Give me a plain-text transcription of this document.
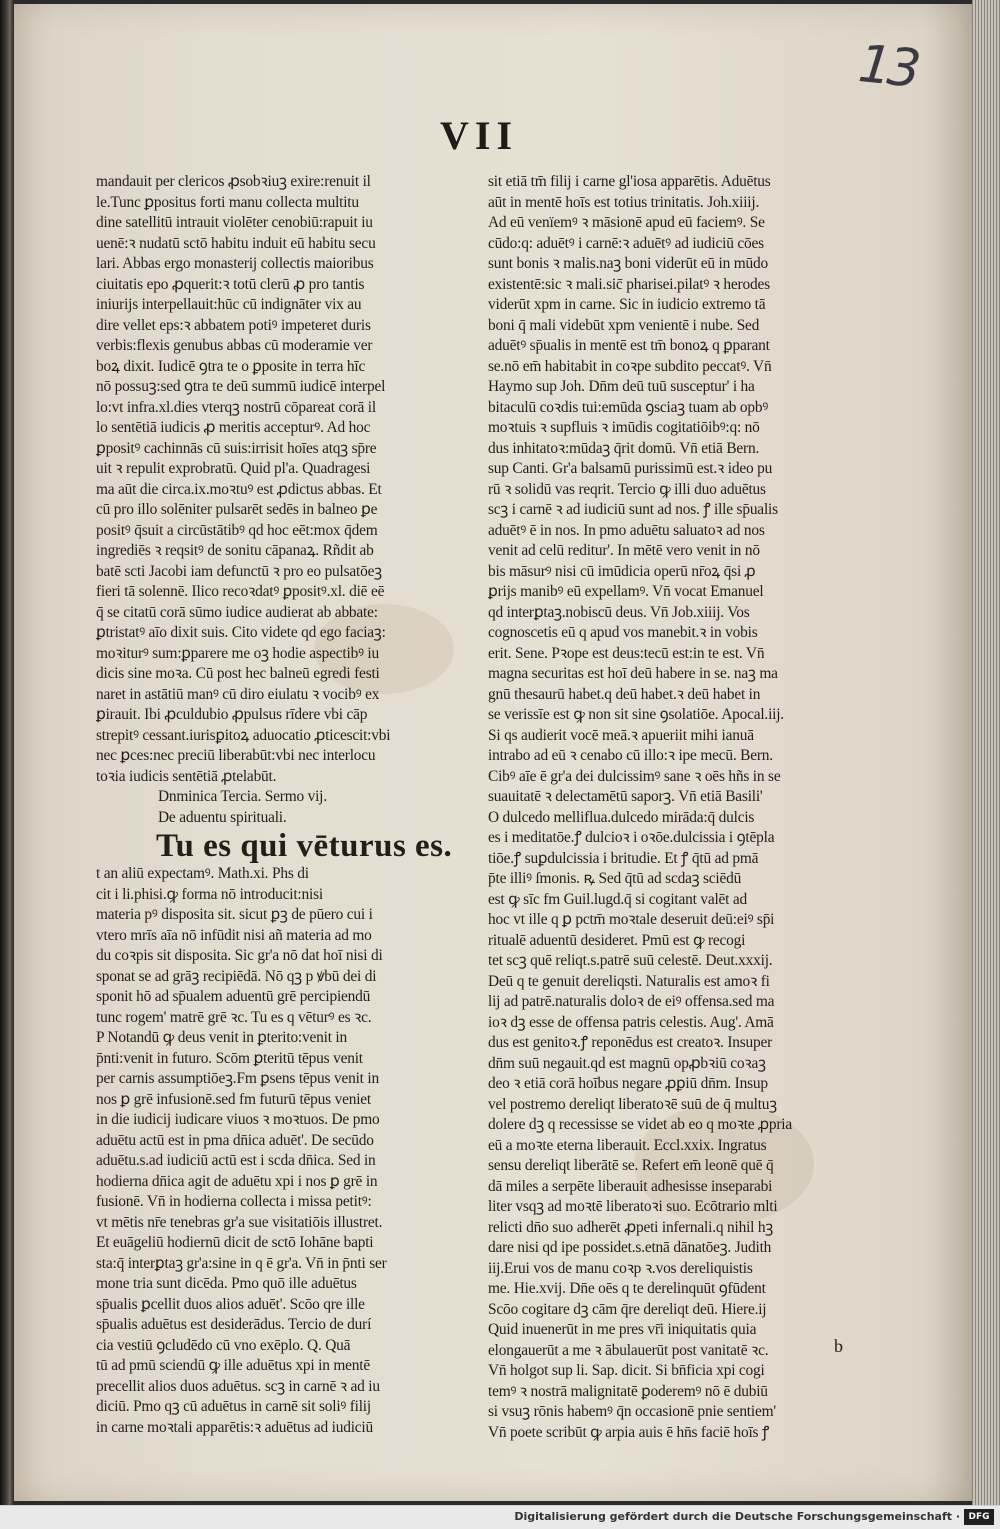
13
VII
mandauit per clericos ꝓsobꝛiuꝫ exire:renuit il
le.Tunc ꝑpositus forti manu collecta multitu
dine satellitū intrauit violēter cenobiū:rapuit iu
uenē:ꝛ nudatū sctō habitu induit eū habitu secu
lari. Abbas ergo monasterij collectis maioribus
ciuitatis epo ꝓquerit:ꝛ totū clerū ꝓ pro tantis
iniurijs interpellauit:hūc cū indignāter vix au
dire vellet eps:ꝛ abbatem potiꝰ impeteret duris
verbis:flexis genubus abbas cū moderamie ver
boꝝ dixit. Iudicē ꝯtra te o ꝑposite in terra hīc
nō possuꝫ:sed ꝯtra te deū summū iudicē interpel
lo:vt infra.xl.dies vterqꝫ nostrū cōpareat corā il
lo sentētiā iudicis ꝓ meritis accepturꝰ. Ad hoc
ꝑpositꝰ cachinnās cū suis:irrisit hoīes atqꝫ sp̄re
uit ꝛ repulit exprobratū. Quid pl'a. Quadragesi
ma aūt die circa.ix.moꝛtuꝰ est ꝓdictus abbas. Et
cū pro illo solēniter pulsarēt sedēs in balneo ꝑe
positꝰ q̄suit a circūstātibꝰ qd hoc eēt:mox q̄dem
ingrediēs ꝛ reqsitꝰ de sonitu cāpanaꝝ. Rñdit ab
batē scti Jacobi iam defunctū ꝛ pro eo pulsatōeꝫ
fieri tā solennē. Ilico recoꝛdatꝰ ꝑpositꝰ.xl. diē eē
q̄ se citatū corā sūmo iudice audierat ab abbate:
ꝑtristatꝰ aīo dixit suis. Cito videte qd ego faciaꝫ:
moꝛiturꝰ sum:ꝑparere me oꝫ hodie aspectibꝰ iu
dicis sine moꝛa. Cū post hec balneū egredi festi
naret in astātiū manꝰ cū diro eiulatu ꝛ vocibꝰ ex
ꝑirauit. Ibi ꝓculdubio ꝓpulsus rīdere vbi cāp
strepitꝰ cessant.iurisꝑitoꝝ aduocatio ꝓticescit:vbi
nec ꝑces:nec preciū liberabūt:vbi nec interlocu
toꝛia iudicis sentētiā ꝓtelabūt.
Dnminica Tercia. Sermo vij.
De aduentu spirituali.
Tu es qui vēturus es.
t an aliū expectamꝰ. Math.xi. Phs di
cit i li.phisi.ꝙ forma nō introducit:nisi
materia pꝰ disposita sit. sicut ꝑꝫ de pūero cui i
vtero mrīs aīa nō infūdit nisi añ materia ad mo
du coꝛpis sit disposita. Sic gr'a nō dat hoī nisi di
sponat se ad grāꝫ recipiēdā. Nō qꝫ p ꝟbū dei di
sponit hō ad sp̄ualem aduentū grē percipiendū
tunc rogem' matrē grē ꝛc. Tu es q vēturꝰ es ꝛc.
P Notandū ꝙ deus venit in ꝑterito:venit in
p̄nti:venit in futuro. Scōm ꝑteritū tēpus venit
per carnis assumptiōeꝫ.Fm ꝑsens tēpus venit in
nos ꝑ grē infusionē.sed fm futurū tēpus veniet
in die iudicij iudicare viuos ꝛ moꝛtuos. De pmo
aduētu actū est in pma dn̄ica aduēt'. De secūdo
aduētu.s.ad iudiciū actū est i scda dn̄ica. Sed in
hodierna dn̄ica agit de aduētu xpi i nos ꝑ grē in
fusionē. Vn̄ in hodierna collecta i missa petitꝰ:
vt mētis nr̄e tenebras gr'a sue visitatiōis illustret.
Et euāgeliū hodiernū dicit de sctō Iohāne bapti
sta:q̄ interꝑtaꝫ gr'a:sine in q ē gr'a. Vn̄ in p̄nti ser
mone tria sunt dicēda. Pmo quō ille aduētus
sp̄ualis ꝑcellit duos alios aduēt'. Scōo qre ille
sp̄ualis aduētus est desiderādus. Tercio de durí
cia vestiū ꝯcludēdo cū vno exēplo. Q. Quā
tū ad pmū sciendū ꝙ ille aduētus xpi in mentē
precellit alios duos aduētus. scꝫ in carnē ꝛ ad iu
diciū. Pmo qꝫ cū aduētus in carnē sit soliꝰ filij
in carne moꝛtali apparētis:ꝛ aduētus ad iudiciū
sit etiā tm̄ filij i carne gl'iosa apparētis. Aduētus
aūt in mentē hoīs est totius trinitatis. Joh.xiiij.
Ad eū venïemꝰ ꝛ māsionē apud eū faciemꝰ. Se
cūdo:q: aduētꝰ i carnē:ꝛ aduētꝰ ad iudiciū cōes
sunt bonis ꝛ malis.naꝫ boni viderūt eū in mūdo
existentē:sic ꝛ mali.sic̄ pharisei.pilatꝰ ꝛ herodes
viderūt xpm in carne. Sic in iudicio extremo tā
boni q̄ mali videbūt xpm venientē i nube. Sed
aduētꝰ sp̄ualis in mentē est tm̄ bonoꝝ q ꝑparant
se.nō em̄ habitabit in coꝛpe subdito peccatꝰ. Vn̄
Haymo sup Joh. Dn̄m deū tuū susceptur' i ha
bitaculū coꝛdis tui:emūda ꝯsciaꝫ tuam ab opbꝰ
moꝛtuis ꝛ supfluis ꝛ imūdis cogitatiōibꝰ:q: nō
dus inhitatoꝛ:mūdaꝫ q̄rit domū. Vn̄ etiā Bern.
sup Canti. Gr'a balsamū purissimū est.ꝛ ideo pu
rū ꝛ solidū vas reqrit. Tercio ꝙ illi duo aduētus
scꝫ i carnē ꝛ ad iudiciū sunt ad nos. ꝭ ille sp̄ualis
aduētꝰ ē in nos. In pmo aduētu saluatoꝛ ad nos
venit ad celū reditur'. In mētē vero venit in nō
bis māsurꝰ nisi cū imūdicia operū nr̄oꝝ q̄si ꝓ
ꝑrijs manibꝰ eū expellamꝰ. Vn̄ vocat Emanuel
qd interꝑtaꝫ.nobiscū deus. Vn̄ Job.xiiij. Vos
cognoscetis eū q apud vos manebit.ꝛ in vobis
erit. Sene. Pꝛope est deus:tecū est:in te est. Vn̄
magna securitas est hoī deū habere in se. naꝫ ma
gnū thesaurū habet.q deū habet.ꝛ deū habet in
se verissīe est ꝙ non sit sine ꝯsolatiōe. Apocal.iij.
Si qs audierit vocē meā.ꝛ apueriit mihi ianuā
intrabo ad eū ꝛ cenabo cū illo:ꝛ ipe mecū. Bern.
Cibꝰ aīe ē gr'a dei dulcissimꝰ sane ꝛ oēs hñs in se
suauitatē ꝛ delectamētū saporꝫ. Vn̄ etiā Basili'
O dulcedo melliflua.dulcedo mirāda:q̄ dulcis
es i meditatōe.ꝭ dulcioꝛ i oꝛōe.dulcissia i ꝯtēpla
tiōe.ꝭ suꝑdulcissia i britudie. Et ꝭ q̄tū ad pmā
p̄te illiꝰ ſmonis. ꝶ Sed q̄tū ad scdaꝫ sciēdū
est ꝙ sīc fm Guil.lugd.q̄ si cogitant valēt ad
hoc vt ille q ꝑ pctm̄ moꝛtale deseruit deū:eiꝰ sp̄i
ritualē aduentū desideret. Pmū est ꝙ recogi
tet scꝫ quē reliqt.s.patrē suū celestē. Deut.xxxij.
Deū q te genuit dereliqsti. Naturalis est amoꝛ fi
lij ad patrē.naturalis doloꝛ de eiꝰ offensa.sed ma
ioꝛ dꝫ esse de offensa patris celestis. Aug'. Amā
dus est genitoꝛ.ꝭ reponēdus est creatoꝛ. Insuper
dn̄m suū negauit.qd est magnū opꝓbꝛiū coꝛaꝫ
deo ꝛ etiā corā hoībus negare ꝓꝑiū dn̄m. Insup
vel postremo dereliqt liberatoꝛē suū de q̄ multuꝫ
dolere dꝫ q recessisse se videt ab eo q moꝛte ꝓpria
eū a moꝛte eterna liberauit. Eccl.xxix. Ingratus
sensu dereliqt liberātē se. Refert em̄ leonē quē q̄
dā miles a serpēte liberauit adhesisse inseparabi
liter vsqꝫ ad moꝛtē liberatoꝛi suo. Ecōtrario mlti
relicti dn̄o suo adherēt ꝓpeti infernali.q nihil hꝫ
dare nisi qd ipe possidet.s.etnā dānatōeꝫ. Judith
iij.Erui vos de manu coꝛp ꝛ.vos dereliquistis
me. Hie.xvij. Dn̄e oēs q te derelinquūt ꝯfūdent
Scōo cogitare dꝫ cām q̄re dereliqt deū. Hiere.ij
Quid inuenerūt in me pres vr̄i iniquitatis quia
elongauerūt a me ꝛ ābulauerūt post vanitatē ꝛc.
Vn̄ holgot sup li. Sap. dicit. Si bn̄ficia xpi cogi
temꝰ ꝛ nostrā malignitatē ꝑoderemꝰ nō ē dubiū
si vsuꝫ rōnis habemꝰ q̄n occasionē pnie sentiem'
Vn̄ poete scribūt ꝙ arpia auis ē hn̄s faciē hoīs ꝭ
b
Digitalisierung gefördert durch die Deutsche Forschungsgemeinschaft · DFG
